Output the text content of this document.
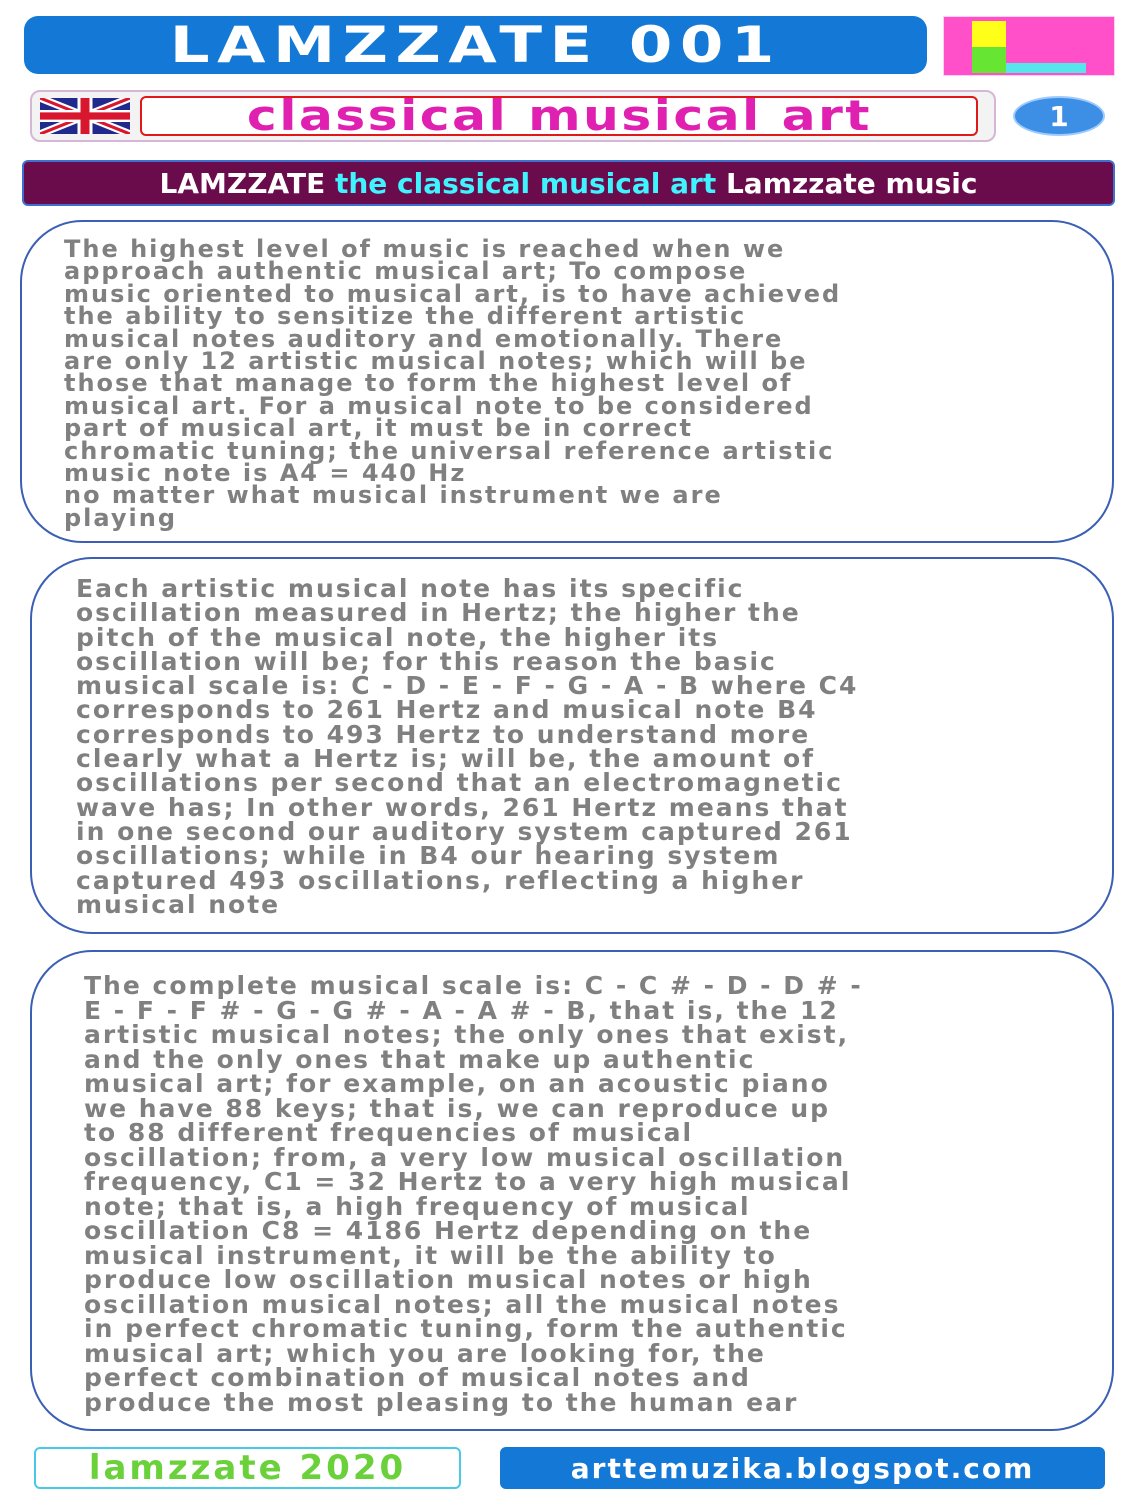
LAMZZATE 001
classical musical art	1
LAMZZATE
the classical musical art
Lamzzate music

The highest level of music is reached when we
approach authentic musical art; To compose
music oriented to musical art, is to have achieved
the ability to sensitize the different artistic
musical notes auditory and emotionally. There
are only 12 artistic musical notes; which will be
those that manage to form the highest level of
musical art. For a musical note to be considered
part of musical art, it must be in correct
chromatic tuning; the universal reference artistic
music note is A4 = 440 Hz
no matter what musical instrument we are
playing

Each artistic musical note has its specific
oscillation measured in Hertz; the higher the
pitch of the musical note, the higher its
oscillation will be; for this reason the basic
musical scale is: C - D - E - F - G - A - B where C4
corresponds to 261 Hertz and musical note B4
corresponds to 493 Hertz to understand more
clearly what a Hertz is; will be, the amount of
oscillations per second that an electromagnetic
wave has; In other words, 261 Hertz means that
in one second our auditory system captured 261
oscillations; while in B4 our hearing system
captured 493 oscillations, reflecting a higher
musical note

The complete musical scale is: C - C # - D - D # -
E - F - F # - G - G # - A - A # - B, that is, the 12
artistic musical notes; the only ones that exist,
and the only ones that make up authentic
musical art; for example, on an acoustic piano
we have 88 keys; that is, we can reproduce up
to 88 different frequencies of musical
oscillation; from, a very low musical oscillation
frequency, C1 = 32 Hertz to a very high musical
note; that is, a high frequency of musical
oscillation C8 = 4186 Hertz depending on the
musical instrument, it will be the ability to
produce low oscillation musical notes or high
oscillation musical notes; all the musical notes
in perfect chromatic tuning, form the authentic
musical art; which you are looking for, the
perfect combination of musical notes and
produce the most pleasing to the human ear

lamzzate 2020	arttemuzika.blogspot.com
